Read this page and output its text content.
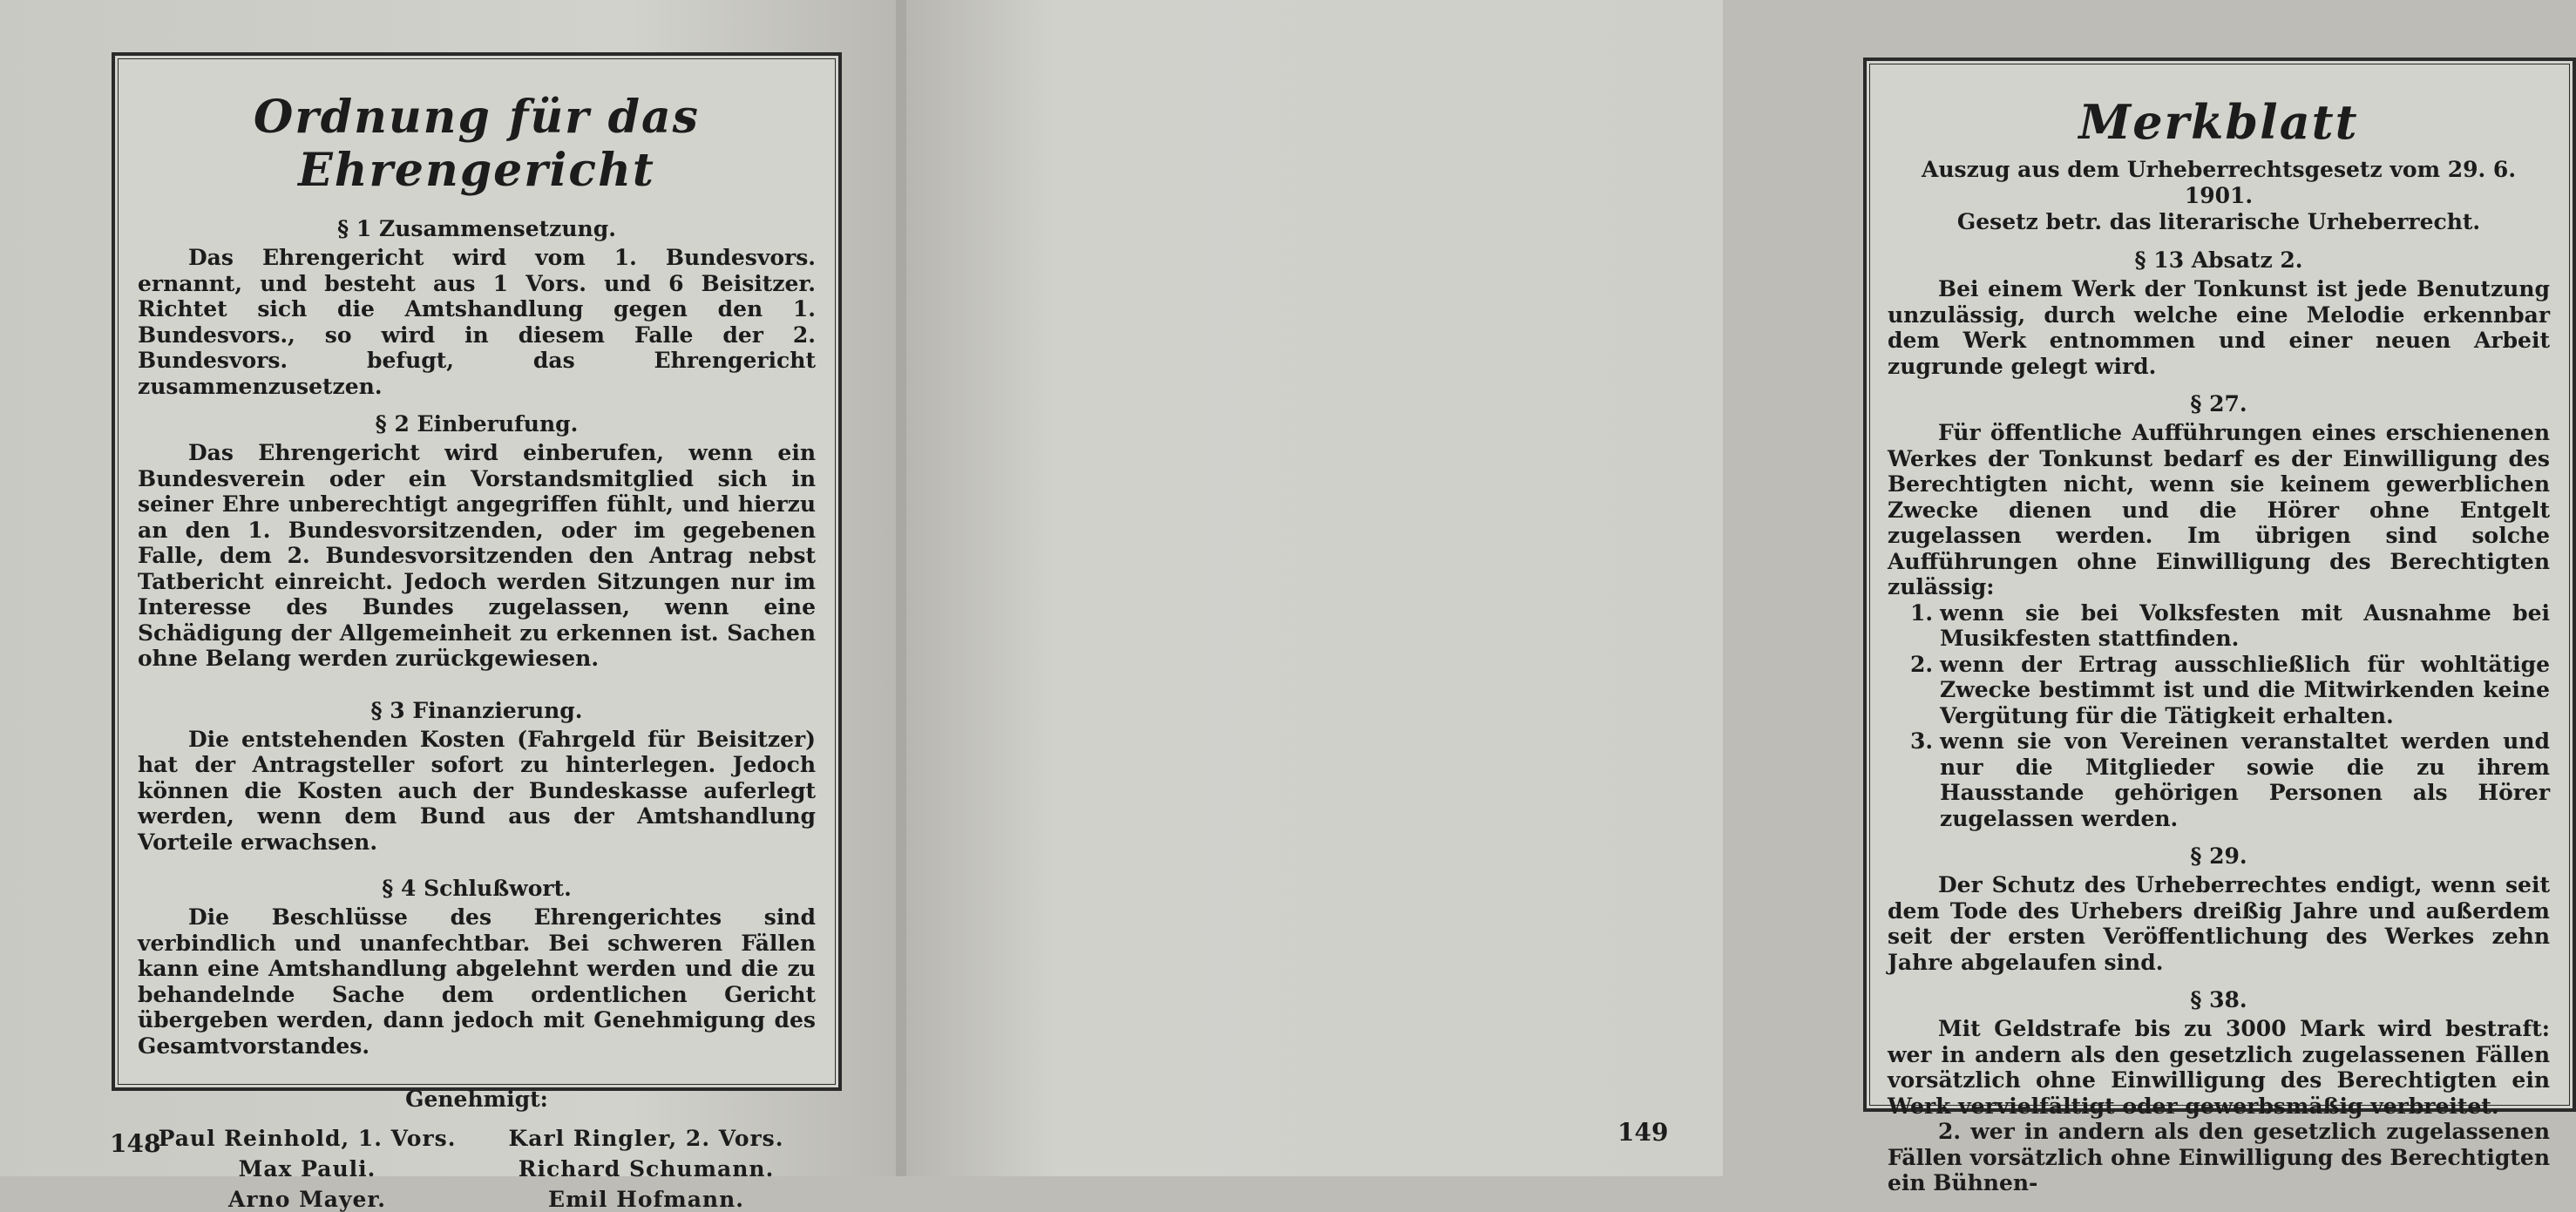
Ordnung für das Ehrengericht
§ 1 Zusammensetzung.

Das Ehrengericht wird vom 1. Bundesvors. ernannt, und besteht aus 1 Vors. und 6 Beisitzer. Richtet sich die Amtshandlung gegen den 1. Bundesvors., so wird in diesem Falle der 2. Bundesvors. befugt, das Ehrengericht zusammenzusetzen.

§ 2 Einberufung.

Das Ehrengericht wird einberufen, wenn ein Bundesverein oder ein Vorstandsmitglied sich in seiner Ehre unberechtigt angegriffen fühlt, und hierzu an den 1. Bundesvorsitzenden, oder im gegebenen Falle, dem 2. Bundesvorsitzenden den Antrag nebst Tatbericht einreicht. Jedoch werden Sitzungen nur im Interesse des Bundes zugelassen, wenn eine Schädigung der Allgemeinheit zu erkennen ist. Sachen ohne Belang werden zurückgewiesen.

§ 3 Finanzierung.

Die entstehenden Kosten (Fahrgeld für Beisitzer) hat der Antragsteller sofort zu hinterlegen. Jedoch können die Kosten auch der Bundeskasse auferlegt werden, wenn dem Bund aus der Amtshandlung Vorteile erwachsen.

§ 4 Schlußwort.

Die Beschlüsse des Ehrengerichtes sind verbindlich und unanfechtbar. Bei schweren Fällen kann eine Amtshandlung abgelehnt werden und die zu behandelnde Sache dem ordentlichen Gericht übergeben werden, dann jedoch mit Genehmigung des Gesamtvorstandes.

Genehmigt:
Paul Reinhold, 1. Vors.	Karl Ringler, 2. Vors.
Max Pauli.	Richard Schumann.
Arno Mayer.	Emil Hofmann.
148
Merkblatt
Auszug aus dem Urheberrechtsgesetz vom 29. 6. 1901.
Gesetz betr. das literarische Urheberrecht.
§ 13 Absatz 2.

Bei einem Werk der Tonkunst ist jede Benutzung unzulässig, durch welche eine Melodie erkennbar dem Werk entnommen und einer neuen Arbeit zugrunde gelegt wird.

§ 27.

Für öffentliche Aufführungen eines erschienenen Werkes der Tonkunst bedarf es der Einwilligung des Berechtigten nicht, wenn sie keinem gewerblichen Zwecke dienen und die Hörer ohne Entgelt zugelassen werden. Im übrigen sind solche Aufführungen ohne Einwilligung des Berechtigten zulässig:

1. wenn sie bei Volksfesten mit Ausnahme bei Musikfesten stattfinden.
2. wenn der Ertrag ausschließlich für wohltätige Zwecke bestimmt ist und die Mitwirkenden keine Vergütung für die Tätigkeit erhalten.
3. wenn sie von Vereinen veranstaltet werden und nur die Mitglieder sowie die zu ihrem Hausstande gehörigen Personen als Hörer zugelassen werden.
§ 29.

Der Schutz des Urheberrechtes endigt, wenn seit dem Tode des Urhebers dreißig Jahre und außerdem seit der ersten Veröffentlichung des Werkes zehn Jahre abgelaufen sind.

§ 38.

Mit Geldstrafe bis zu 3000 Mark wird bestraft: wer in andern als den gesetzlich zugelassenen Fällen vorsätzlich ohne Einwilligung des Berechtigten ein Werk vervielfältigt oder gewerbsmäßig verbreitet.

2. wer in andern als den gesetzlich zugelassenen Fällen vorsätzlich ohne Einwilligung des Berechtigten ein Bühnen-

149
